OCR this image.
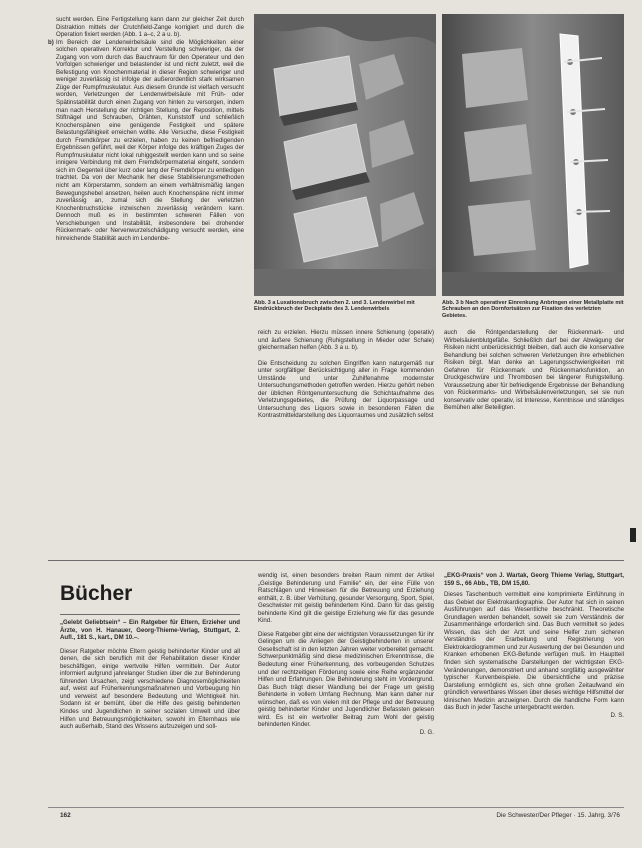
sucht werden. Eine Fertigstellung kann dann zur gleicher Zeit durch Distraktion mittels der Crutchfield-Zange korrigiert und durch die Operation fixiert werden (Abb. 1 a–c, 2 a u. b).

b) Im Bereich der Lendenwirbelsäule sind die Möglichkeiten einer solchen operativen Korrektur und Verstellung schwieriger, da der Zugang von vorn durch das Bauchraum für den Operateur und den Vorfolgen schwieriger und belastender ist und nicht zuletzt, weil die Befestigung von Knochenmaterial in dieser Region schwieriger und weniger zuverlässig ist infolge der außerordentlich stark wirksamen Züge der Rumpfmuskulatur. Aus diesem Grunde ist vielfach versucht worden, Verletzungen der Lendenwirbelsäule mit Früh- oder Spätinstabilität durch einen Zugang von hinten zu versorgen, indem man nach Herstellung der richtigen Stellung, der Reposition, mittels Stiftnägel und Schrauben, Drähten, Kunststoff und schließlich Knochenspänen eine genügende Festigkeit und spätere Belastungsfähigkeit erreichen wollte. Alle Versuche, diese Festigkeit durch Fremdkörper zu erzielen, haben zu keinen befriedigenden Ergebnissen geführt, weil der Körper infolge des kräftigen Zuges der Rumpfmuskulatur nicht lokal ruhiggestellt werden kann und so seine innigere Verbindung mit dem Fremdkörpermaterial eingeht, sondern sich im Gegenteil über kurz oder lang der Fremdkörper zu entledigen trachtet. Da von der Mechanik her diese Stabilisierungsmethoden nicht am Körperstamm, sondern an einem verhältnismäßig langen Bewegungshebel ansetzen, heilen auch Knochenspäne nicht immer zuverlässig an, zumal sich die Stellung der verletzten Knochenbruchstücke inzwischen zuverlässig verändern kann. Dennoch muß es in bestimmten schweren Fällen von Verschiebungen und Instabilität, insbesondere bei drohender Rückenmark- oder Nervenwurzelschädigung versucht werden, eine hinreichende Stabilität auch im Lendenbe-

Abb. 3 a Luxationsbruch zwischen 2. und 3. Lendenwirbel mit Eindrückbruch der Deckplatte des 3. Lendenwirbels

Abb. 3 b Nach operativer Einrenkung Anbringen einer Metallplatte mit Schrauben an den Dornfortsätzen zur Fixation des verletzten Gebietes.

reich zu erzielen. Hierzu müssen innere Schienung (operativ) und äußere Schienung (Ruhigstellung in Mieder oder Schale) gleichermaßen helfen (Abb. 3 a u. b).

Die Entscheidung zu solchen Eingriffen kann naturgemäß nur unter sorgfältiger Berücksichtigung aller in Frage kommenden Umstände und unter Zuhilfenahme modernster Untersuchungsmethoden getroffen werden. Hierzu gehört neben der üblichen Röntgenuntersuchung die Schichtaufnahme des Verletzungsgebietes, die Prüfung der Liquorpassage und Untersuchung des Liquors sowie in besonderen Fällen die Kontrastmitteldarstellung des Liquorraumes und zusätzlich selbst

auch die Röntgendarstellung der Rückenmark- und Wirbelsäulenblutgefäße. Schließlich darf bei der Abwägung der Risiken nicht unberücksichtigt bleiben, daß auch die konservative Behandlung bei solchen schweren Verletzungen ihre erheblichen Risiken birgt. Man denke an Lagerungsschwierigkeiten mit Gefahren für Rückenmark und Rückenmarksfunktion, an Druckgeschwüre und Thrombosen bei längerer Ruhigstellung. Voraussetzung aber für befriedigende Ergebnisse der Behandlung von Rückenmarks- und Wirbelsäulenverletzungen, sei sie nun konservativ oder operativ, ist Interesse, Kenntnisse und ständiges Bemühen aller Beteiligten.

Bücher

„Gelebt Geliebtsein“ – Ein Ratgeber für Eltern, Erzieher und Ärzte, von H. Hanauer, Georg-Thieme-Verlag, Stuttgart, 2. Aufl., 181 S., kart., DM 10.–.

Dieser Ratgeber möchte Eltern geistig behinderter Kinder und all denen, die sich beruflich mit der Rehabilitation dieser Kinder beschäftigen, einige wertvolle Hilfen vermitteln. Der Autor informiert aufgrund jahrelanger Studien über die zur Behinderung führenden Ursachen, zeigt verschiedene Diagnosemöglichkeiten auf, weist auf Früherkennungsmaßnahmen und Vorbeugung hin und verweist auf besondere Bedeutung und Wichtigkeit hin. Sodann ist er bemüht, über die Hilfe des geistig behinderten Kindes und Jugendlichen in seiner sozialen Umwelt und über Hilfen und Betreuungsmöglichkeiten, sowohl im Elternhaus wie auch außerhalb, Stand des Wissens aufzuzeigen und soll-

wendig ist, einen besonders breiten Raum nimmt der Artikel „Geistige Behinderung und Familie“ ein, der eine Fülle von Ratschlägen und Hinweisen für die Betreuung und Erziehung enthält, z. B. über Verhütung, gesunder Versorgung, Sport, Spiel, Geschwister mit geistig behindertem Kind. Dann für das geistig behinderte Kind gilt die geistige Erziehung wie für das gesunde Kind.

Diese Ratgeber gibt eine der wichtigsten Voraussetzungen für ihr Gelingen um die Anliegen der Geistigbehinderten in unserer Gesellschaft ist in den letzten Jahren weiter vorbereitet gemacht. Schwerpunktmäßig sind diese medizinischen Erkenntnisse, die Bedeutung einer Früherkennung, des vorbeugenden Schutzes und der rechtzeitigen Förderung sowie eine Reihe ergänzender Hilfen und Erfahrungen. Die Behinderung steht im Vordergrund. Das Buch trägt dieser Wandlung bei der Frage um geistig Behinderte in vollem Umfang Rechnung. Man kann daher nur wünschen, daß es von vielen mit der Pflege und der Betreuung geistig behinderter Kinder und Jugendlicher Befassten gelesen wird. Es ist ein wertvoller Beitrag zum Wohl der geistig behinderten Kinder.

D. G.

„EKG-Praxis“ von J. Wartak, Georg Thieme Verlag, Stuttgart, 159 S., 66 Abb., TB, DM 15,80.

Dieses Taschenbuch vermittelt eine komprimierte Einführung in das Gebiet der Elektrokardiographie. Der Autor hat sich in seinen Ausführungen auf das Wesentliche beschränkt. Theoretische Grundlagen werden behandelt, soweit sie zum Verständnis der Zusammenhänge erforderlich sind. Das Buch vermittelt so jedes Wissen, das sich der Arzt und seine Helfer zum sicheren Verständnis der Erarbeitung und Registrierung von Elektrokardiogrammen und zur Auswertung der bei Gesunden und Kranken erhobenen EKG-Befunde verfügen muß. Im Hauptteil finden sich systematische Darstellungen der wichtigsten EKG-Veränderungen, demonstriert und anhand sorgfältig ausgewählter typischer Kurvenbeispiele. Die übersichtliche und präzise Darstellung ermöglicht es, sich ohne großen Zeitaufwand ein gründlich verwertbares Wissen über dieses wichtige Hilfsmittel der klinischen Medizin anzueignen. Durch die handliche Form kann das Buch in jeder Tasche untergebracht werden.

D. S.

162	Die Schwester/Der Pfleger · 15. Jahrg. 3/76
